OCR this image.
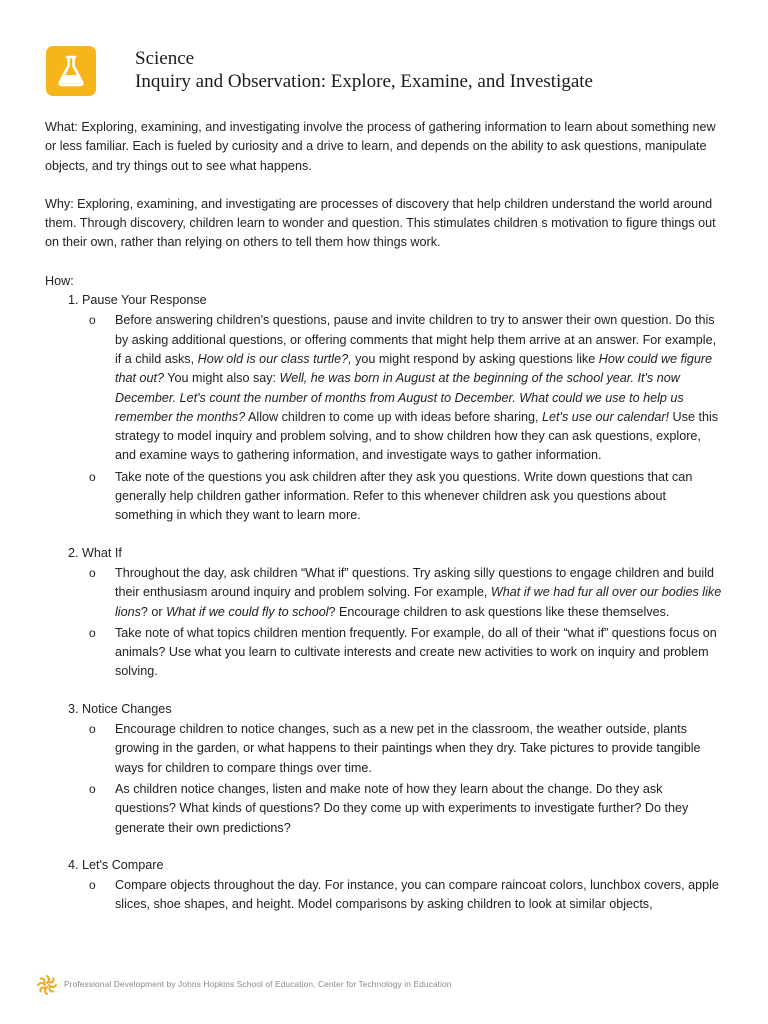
Science
Inquiry and Observation: Explore, Examine, and Investigate

What: Exploring, examining, and investigating involve the process of gathering information to learn about something new or less familiar. Each is fueled by curiosity and a drive to learn, and depends on the ability to ask questions, manipulate objects, and try things out to see what happens.

Why: Exploring, examining, and investigating are processes of discovery that help children understand the world around them. Through discovery, children learn to wonder and question. This stimulates children s motivation to figure things out on their own, rather than relying on others to tell them how things work.

How:
1. Pause Your Response
o Before answering children's questions, pause and invite children to try to answer their own question. Do this by asking additional questions, or offering comments that might help them arrive at an answer. For example, if a child asks, How old is our class turtle?, you might respond by asking questions like How could we figure that out? You might also say: Well, he was born in August at the beginning of the school year. It's now December. Let's count the number of months from August to December. What could we use to help us remember the months? Allow children to come up with ideas before sharing, Let's use our calendar! Use this strategy to model inquiry and problem solving, and to show children how they can ask questions, explore, and examine ways to gathering information, and investigate ways to gather information.
o Take note of the questions you ask children after they ask you questions. Write down questions that can generally help children gather information. Refer to this whenever children ask you questions about something in which they want to learn more.
2. What If
o Throughout the day, ask children “What if” questions. Try asking silly questions to engage children and build their enthusiasm around inquiry and problem solving. For example, What if we had fur all over our bodies like lions? or What if we could fly to school? Encourage children to ask questions like these themselves.
o Take note of what topics children mention frequently. For example, do all of their “what if” questions focus on animals? Use what you learn to cultivate interests and create new activities to work on inquiry and problem solving.
3. Notice Changes
o Encourage children to notice changes, such as a new pet in the classroom, the weather outside, plants growing in the garden, or what happens to their paintings when they dry. Take pictures to provide tangible ways for children to compare things over time.
o As children notice changes, listen and make note of how they learn about the change. Do they ask questions? What kinds of questions? Do they come up with experiments to investigate further? Do they generate their own predictions?
4. Let's Compare
o Compare objects throughout the day. For instance, you can compare raincoat colors, lunchbox covers, apple slices, shoe shapes, and height. Model comparisons by asking children to look at similar objects,
Professional Development by Johns Hopkins School of Education, Center for Technology in Education
